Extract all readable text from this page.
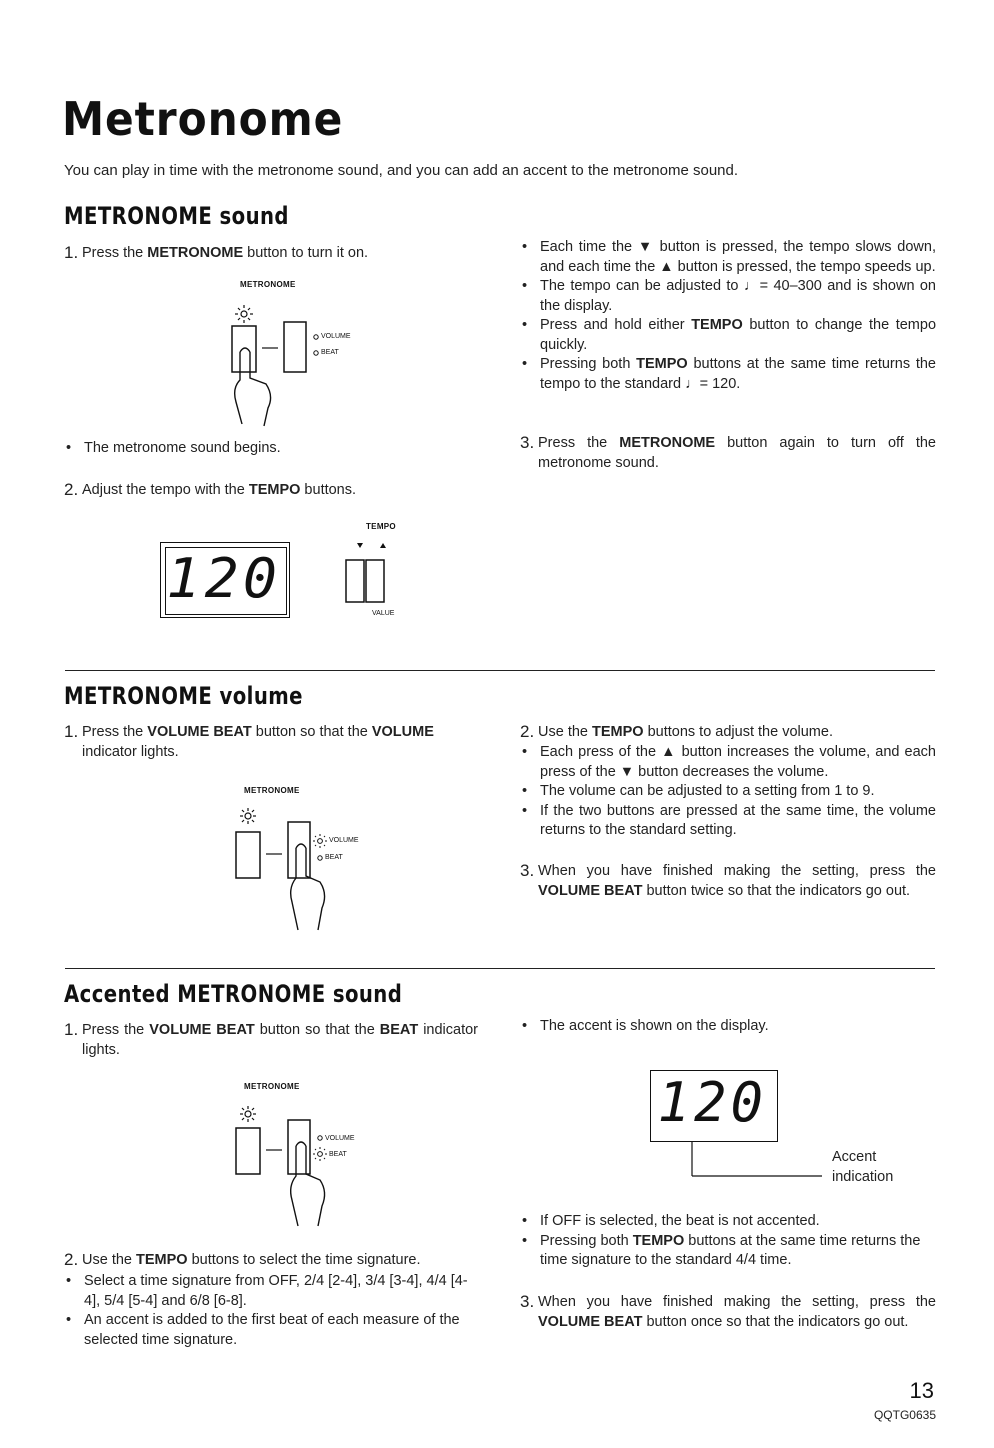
Metronome
You can play in time with the metronome sound, and you can add an accent to the metronome sound.
METRONOME sound
1. Press the METRONOME button to turn it on.
METRONOME
VOLUME
BEAT
• The metronome sound begins.
2. Adjust the tempo with the TEMPO buttons.
120
TEMPO
VALUE
• Each time the ▼ button is pressed, the tempo slows down, and each time the ▲ button is pressed, the tempo speeds up.
• The tempo can be adjusted to ♩= 40–300 and is shown on the display.
• Press and hold either TEMPO button to change the tempo quickly.
• Pressing both TEMPO buttons at the same time returns the tempo to the standard ♩= 120.
3. Press the METRONOME button again to turn off the metronome sound.
METRONOME volume
1. Press the VOLUME BEAT button so that the VOLUME indicator lights.
METRONOME
VOLUME
BEAT
2. Use the TEMPO buttons to adjust the volume.
• Each press of the ▲ button increases the volume, and each press of the ▼ button decreases the volume.
• The volume can be adjusted to a setting from 1 to 9.
• If the two buttons are pressed at the same time, the volume returns to the standard setting.
3. When you have finished making the setting, press the VOLUME BEAT button twice so that the indicators go out.
Accented METRONOME sound
1. Press the VOLUME BEAT button so that the BEAT indicator lights.
METRONOME
VOLUME
BEAT
2. Use the TEMPO buttons to select the time signature.
• Select a time signature from OFF, 2/4 [2-4], 3/4 [3-4], 4/4 [4-4], 5/4 [5-4] and 6/8 [6-8].
• An accent is added to the first beat of each measure of the selected time signature.
• The accent is shown on the display.
120
Accent indication
• If OFF is selected, the beat is not accented.
• Pressing both TEMPO buttons at the same time returns the time signature to the standard 4/4 time.
3. When you have finished making the setting, press the VOLUME BEAT button once so that the indicators go out.
13
QQTG0635
